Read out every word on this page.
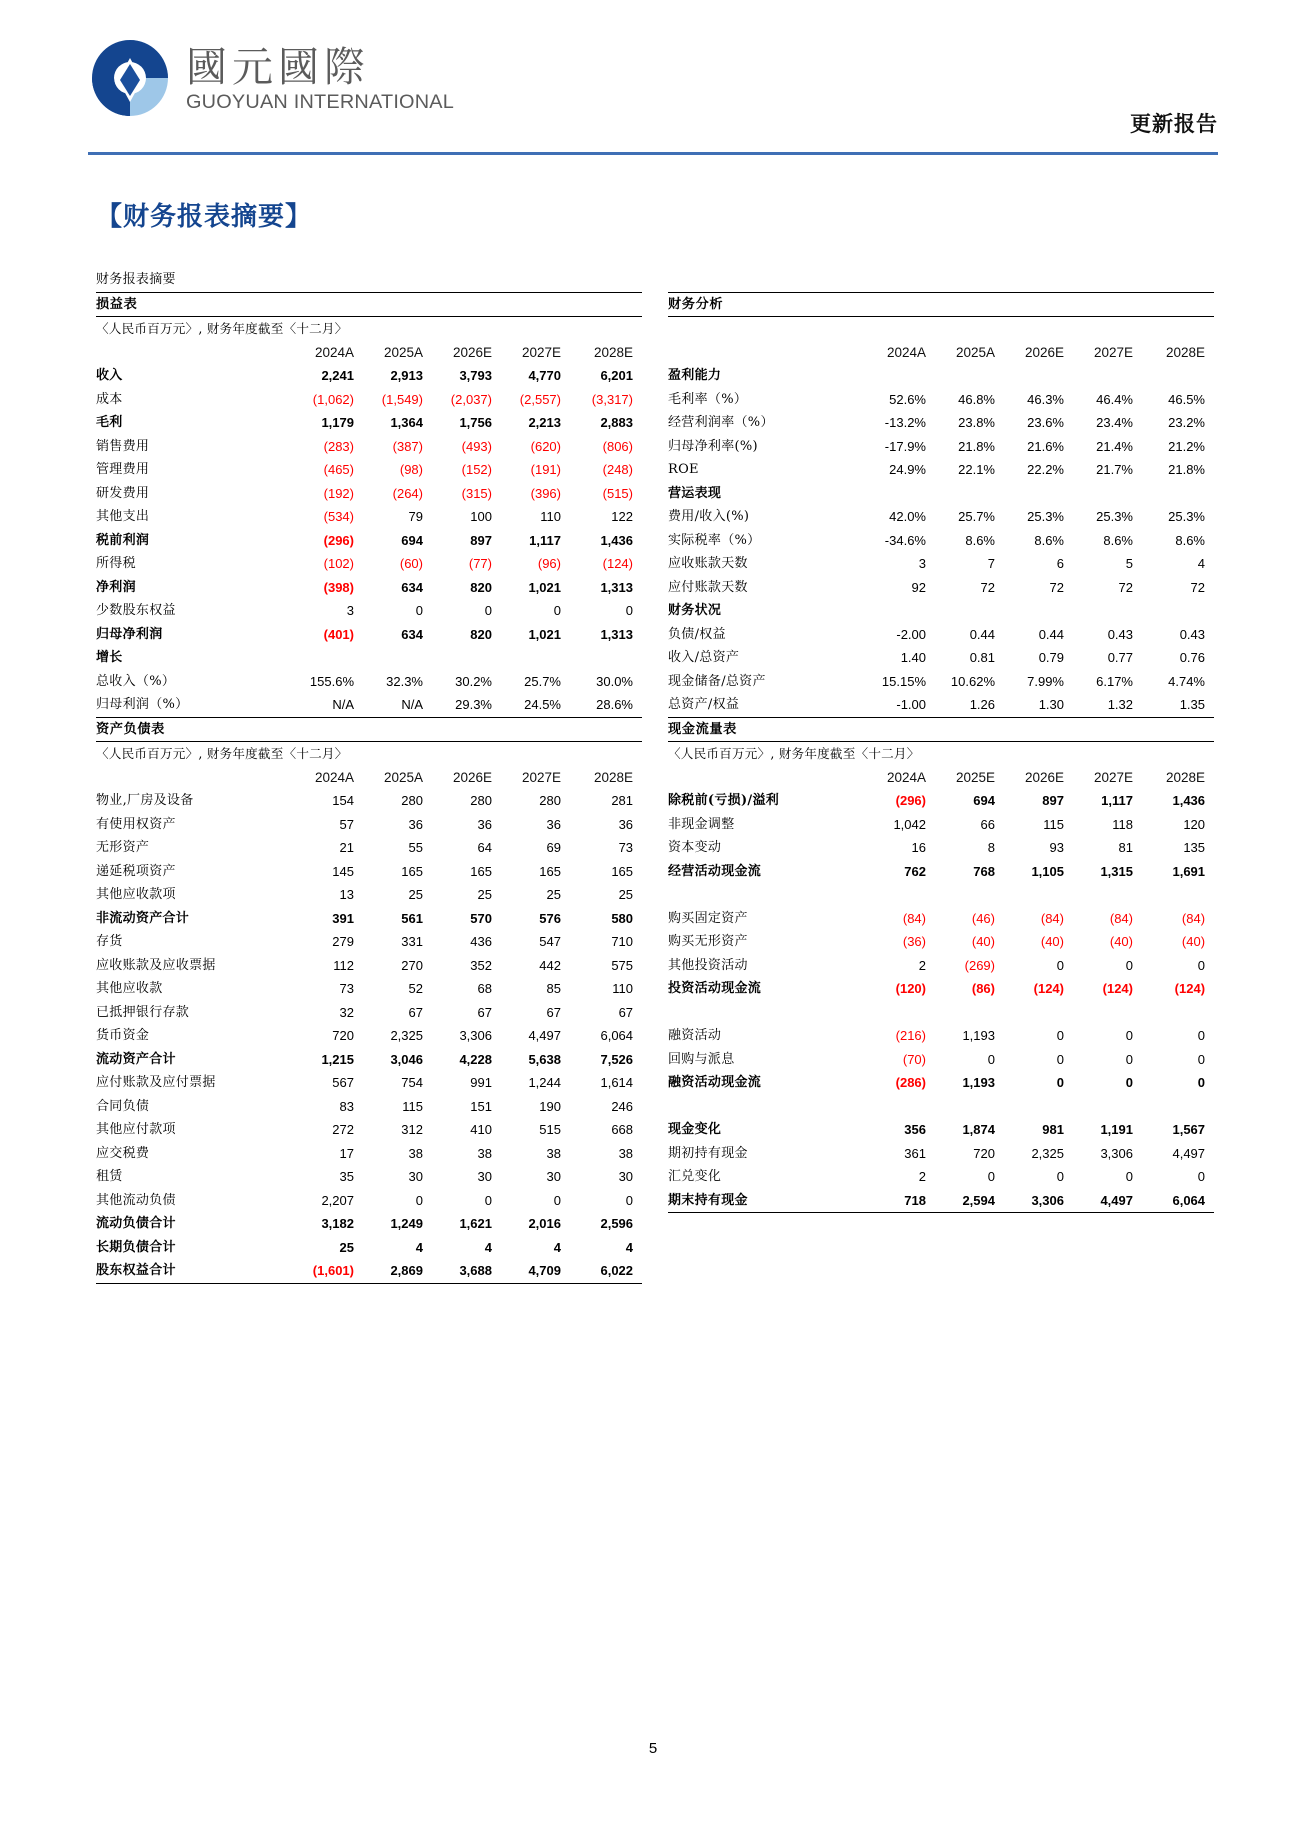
國元國際
GUOYUAN INTERNATIONAL
更新报告
【财务报表摘要】
财务报表摘要					
损益表					
〈人民币百万元〉, 财务年度截至〈十二月〉					
	2024A	2025A	2026E	2027E	2028E
收入	2,241	2,913	3,793	4,770	6,201
成本	(1,062)	(1,549)	(2,037)	(2,557)	(3,317)
毛利	1,179	1,364	1,756	2,213	2,883
销售费用	(283)	(387)	(493)	(620)	(806)
管理费用	(465)	(98)	(152)	(191)	(248)
研发费用	(192)	(264)	(315)	(396)	(515)
其他支出	(534)	79	100	110	122
税前利润	(296)	694	897	1,117	1,436
所得税	(102)	(60)	(77)	(96)	(124)
净利润	(398)	634	820	1,021	1,313
少数股东权益	3	0	0	0	0
归母净利润	(401)	634	820	1,021	1,313
增长					
总收入（%）	155.6%	32.3%	30.2%	25.7%	30.0%
归母利润（%）	N/A	N/A	29.3%	24.5%	28.6%
资产负债表					
〈人民币百万元〉, 财务年度截至〈十二月〉					
	2024A	2025A	2026E	2027E	2028E
物业,厂房及设备	154	280	280	280	281
有使用权资产	57	36	36	36	36
无形资产	21	55	64	69	73
递延税项资产	145	165	165	165	165
其他应收款项	13	25	25	25	25
非流动资产合计	391	561	570	576	580
存货	279	331	436	547	710
应收账款及应收票据	112	270	352	442	575
其他应收款	73	52	68	85	110
已抵押银行存款	32	67	67	67	67
货币资金	720	2,325	3,306	4,497	6,064
流动资产合计	1,215	3,046	4,228	5,638	7,526
应付账款及应付票据	567	754	991	1,244	1,614
合同负债	83	115	151	190	246
其他应付款项	272	312	410	515	668
应交税费	17	38	38	38	38
租赁	35	30	30	30	30
其他流动负债	2,207	0	0	0	0
流动负债合计	3,182	1,249	1,621	2,016	2,596
长期负债合计	25	4	4	4	4
股东权益合计	(1,601)	2,869	3,688	4,709	6,022

财务分析					

	2024A	2025A	2026E	2027E	2028E
盈利能力					
毛利率（%）	52.6%	46.8%	46.3%	46.4%	46.5%
经营利润率（%）	-13.2%	23.8%	23.6%	23.4%	23.2%
归母净利率(%)	-17.9%	21.8%	21.6%	21.4%	21.2%
ROE	24.9%	22.1%	22.2%	21.7%	21.8%
营运表现					
费用/收入(%)	42.0%	25.7%	25.3%	25.3%	25.3%
实际税率（%）	-34.6%	8.6%	8.6%	8.6%	8.6%
应收账款天数	3	7	6	5	4
应付账款天数	92	72	72	72	72
财务状况					
负债/权益	-2.00	0.44	0.44	0.43	0.43
收入/总资产	1.40	0.81	0.79	0.77	0.76
现金储备/总资产	15.15%	10.62%	7.99%	6.17%	4.74%
总资产/权益	-1.00	1.26	1.30	1.32	1.35
现金流量表					
〈人民币百万元〉, 财务年度截至〈十二月〉					
	2024A	2025E	2026E	2027E	2028E
除税前(亏损)/溢利	(296)	694	897	1,117	1,436
非现金调整	1,042	66	115	118	120
资本变动	16	8	93	81	135
经营活动现金流	762	768	1,105	1,315	1,691

购买固定资产	(84)	(46)	(84)	(84)	(84)
购买无形资产	(36)	(40)	(40)	(40)	(40)
其他投资活动	2	(269)	0	0	0
投资活动现金流	(120)	(86)	(124)	(124)	(124)

融资活动	(216)	1,193	0	0	0
回购与派息	(70)	0	0	0	0
融资活动现金流	(286)	1,193	0	0	0

现金变化	356	1,874	981	1,191	1,567
期初持有现金	361	720	2,325	3,306	4,497
汇兑变化	2	0	0	0	0
期末持有现金	718	2,594	3,306	4,497	6,064
5
